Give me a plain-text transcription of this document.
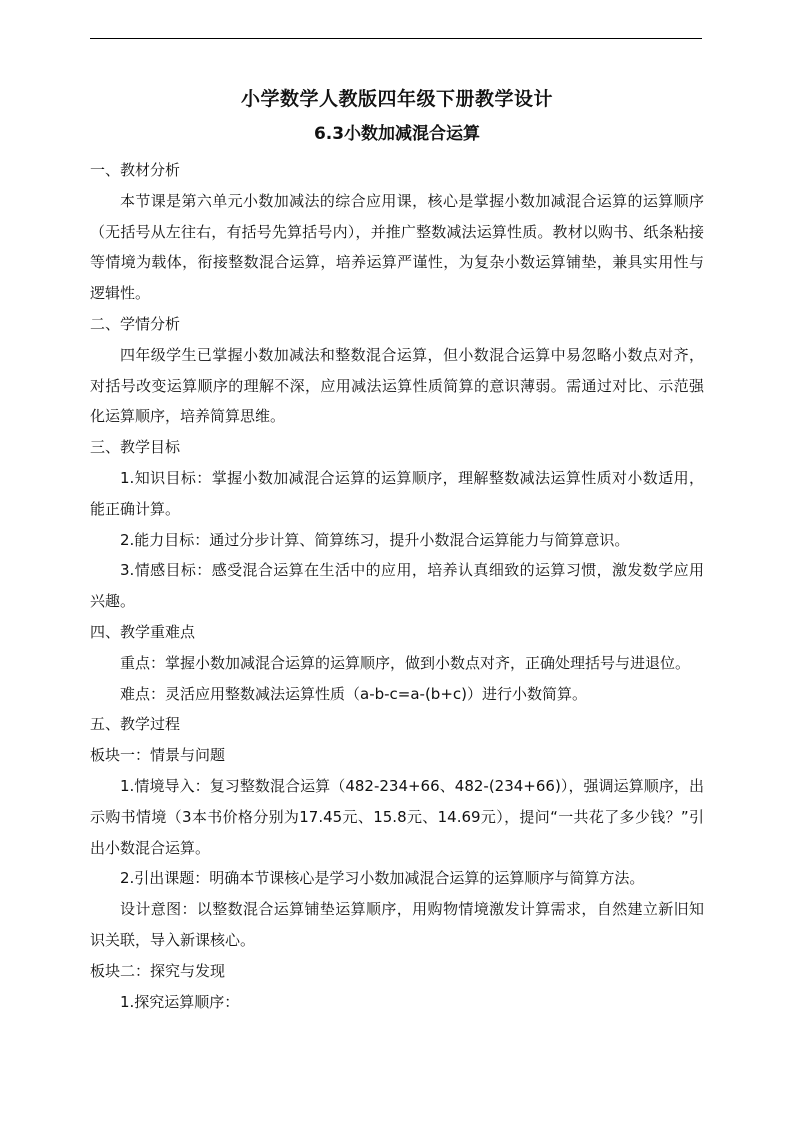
小学数学人教版四年级下册教学设计
6.3小数加减混合运算

一、教材分析

本节课是第六单元小数加减法的综合应用课，核心是掌握小数加减混合运算的运算顺序（无括号从左往右，有括号先算括号内），并推广整数减法运算性质。教材以购书、纸条粘接等情境为载体，衔接整数混合运算，培养运算严谨性，为复杂小数运算铺垫，兼具实用性与逻辑性。

二、学情分析

四年级学生已掌握小数加减法和整数混合运算，但小数混合运算中易忽略小数点对齐，对括号改变运算顺序的理解不深，应用减法运算性质简算的意识薄弱。需通过对比、示范强化运算顺序，培养简算思维。

三、教学目标

1.知识目标：掌握小数加减混合运算的运算顺序，理解整数减法运算性质对小数适用，能正确计算。

2.能力目标：通过分步计算、简算练习，提升小数混合运算能力与简算意识。

3.情感目标：感受混合运算在生活中的应用，培养认真细致的运算习惯，激发数学应用兴趣。

四、教学重难点

重点：掌握小数加减混合运算的运算顺序，做到小数点对齐，正确处理括号与进退位。

难点：灵活应用整数减法运算性质（a-b-c=a-(b+c)）进行小数简算。

五、教学过程

板块一：情景与问题

1.情境导入：复习整数混合运算（482-234+66、482-(234+66)），强调运算顺序，出示购书情境（3本书价格分别为17.45元、15.8元、14.69元），提问“一共花了多少钱？”引出小数混合运算。

2.引出课题：明确本节课核心是学习小数加减混合运算的运算顺序与简算方法。

设计意图：以整数混合运算铺垫运算顺序，用购物情境激发计算需求，自然建立新旧知识关联，导入新课核心。

板块二：探究与发现

1.探究运算顺序：
